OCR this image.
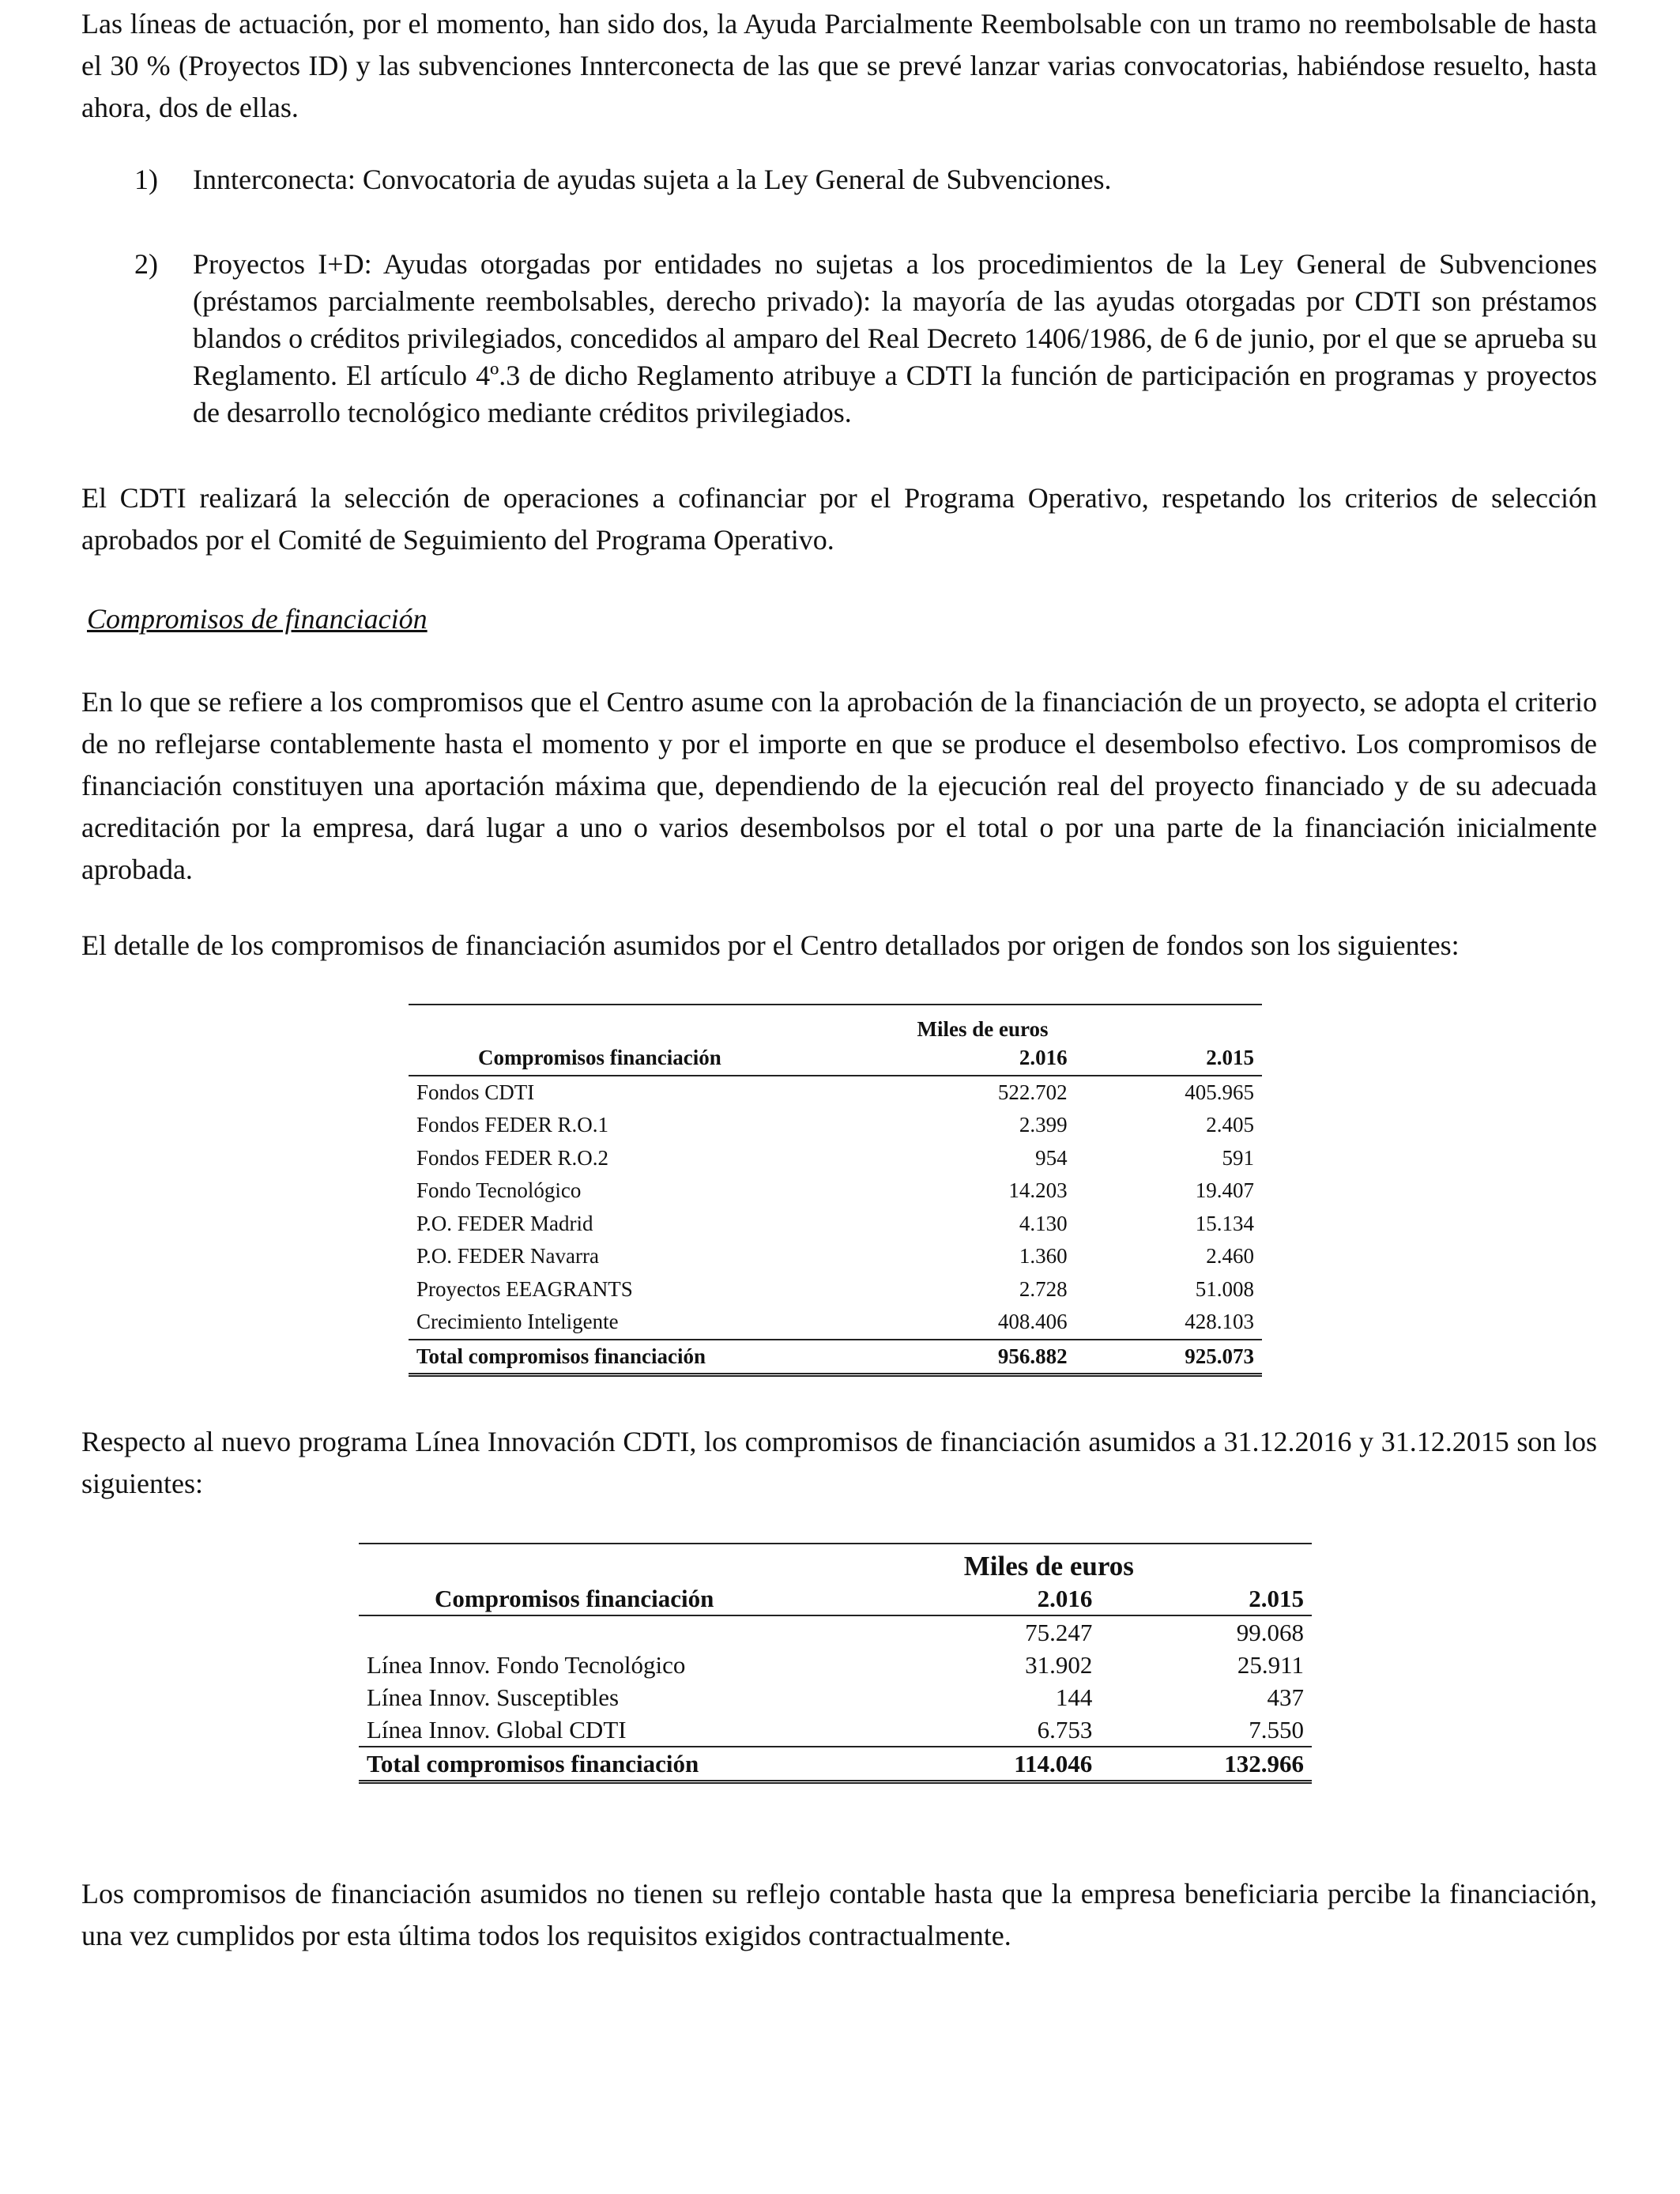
Las líneas de actuación, por el momento, han sido dos, la Ayuda Parcialmente Reembolsable con un tramo no reembolsable de hasta el 30 % (Proyectos ID) y las subvenciones Innterconecta de las que se prevé lanzar varias convocatorias, habiéndose resuelto, hasta ahora, dos de ellas.

1) Innterconecta: Convocatoria de ayudas sujeta a la Ley General de Subvenciones.
2) Proyectos I+D: Ayudas otorgadas por entidades no sujetas a los procedimientos de la Ley General de Subvenciones (préstamos parcialmente reembolsables, derecho privado): la mayoría de las ayudas otorgadas por CDTI son préstamos blandos o créditos privilegiados, concedidos al amparo del Real Decreto 1406/1986, de 6 de junio, por el que se aprueba su Reglamento. El artículo 4º.3 de dicho Reglamento atribuye a CDTI la función de participación en programas y proyectos de desarrollo tecnológico mediante créditos privilegiados.

El CDTI realizará la selección de operaciones a cofinanciar por el Programa Operativo, respetando los criterios de selección aprobados por el Comité de Seguimiento del Programa Operativo.

Compromisos de financiación

En lo que se refiere a los compromisos que el Centro asume con la aprobación de la financiación de un proyecto, se adopta el criterio de no reflejarse contablemente hasta el momento y por el importe en que se produce el desembolso efectivo. Los compromisos de financiación constituyen una aportación máxima que, dependiendo de la ejecución real del proyecto financiado y de su adecuada acreditación por la empresa, dará lugar a uno o varios desembolsos por el total o por una parte de la financiación inicialmente aprobada.

El detalle de los compromisos de financiación asumidos por el Centro detallados por origen de fondos son los siguientes:

	Miles de euros	
Compromisos financiación	2.016	2.015
Fondos CDTI	522.702	405.965
Fondos FEDER R.O.1	2.399	2.405
Fondos FEDER R.O.2	954	591
Fondo Tecnológico	14.203	19.407
P.O. FEDER Madrid	4.130	15.134
P.O. FEDER Navarra	1.360	2.460
Proyectos EEAGRANTS	2.728	51.008
Crecimiento Inteligente	408.406	428.103
Total compromisos financiación	956.882	925.073

Respecto al nuevo programa Línea Innovación CDTI, los compromisos de financiación asumidos a 31.12.2016 y 31.12.2015 son los siguientes:

	Miles de euros	
Compromisos financiación	2.016	2.015
	75.247	99.068
Línea Innov. Fondo Tecnológico	31.902	25.911
Línea Innov. Susceptibles	144	437
Línea Innov. Global CDTI	6.753	7.550
Total compromisos financiación	114.046	132.966

Los compromisos de financiación asumidos no tienen su reflejo contable hasta que la empresa beneficiaria percibe la financiación, una vez cumplidos por esta última todos los requisitos exigidos contractualmente.
